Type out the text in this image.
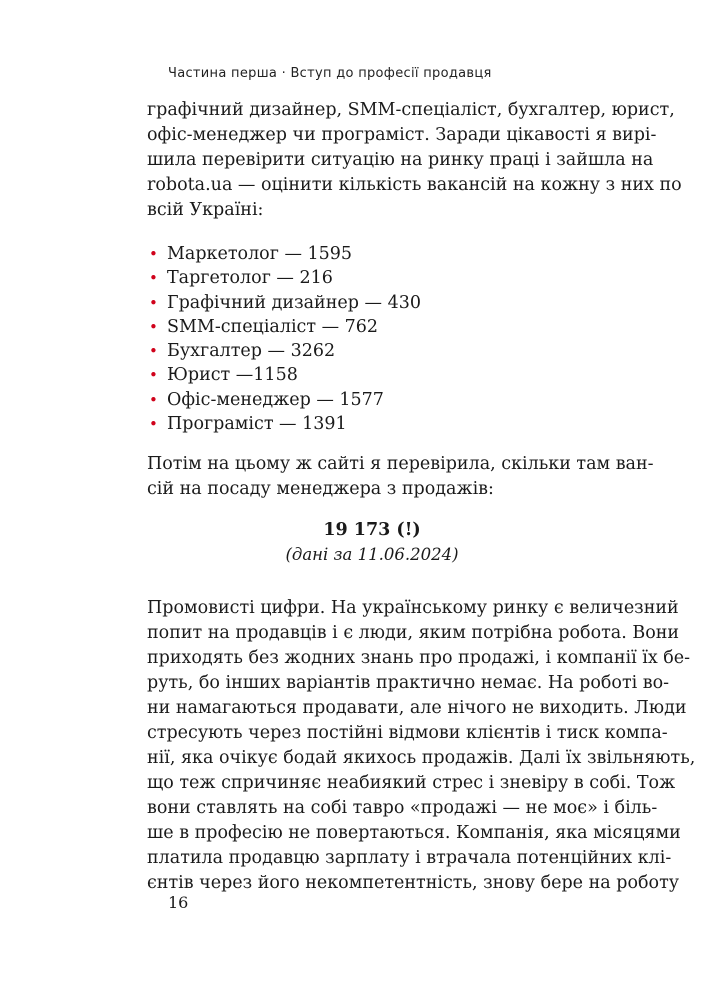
Частина перша · Вступ до професії продавця
графічний дизайнер, SMM-спеціаліст, бухгалтер, юрист,
офіс-менеджер чи програміст. Заради цікавості я вирі-
шила перевірити ситуацію на ринку праці і зайшла на
robota.ua — оцінити кількість вакансій на кожну з них по
всій Україні:
• Маркетолог — 1595
• Таргетолог — 216
• Графічний дизайнер — 430
• SMM-спеціаліст — 762
• Бухгалтер — 3262
• Юрист —1158
• Офіс-менеджер — 1577
• Програміст — 1391
Потім на цьому ж сайті я перевірила, скільки там ван-
сій на посаду менеджера з продажів:
19 173 (!)
(дані за 11.06.2024)
Промовисті цифри. На українському ринку є величезний
попит на продавців і є люди, яким потрібна робота. Вони
приходять без жодних знань про продажі, і компанії їх бе-
руть, бо інших варіантів практично немає. На роботі во-
ни намагаються продавати, але нічого не виходить. Люди
стресують через постійні відмови клієнтів і тиск компа-
нії, яка очікує бодай якихось продажів. Далі їх звільняють,
що теж спричиняє неабиякий стрес і зневіру в собі. Тож
вони ставлять на собі тавро «продажі — не моє» і біль-
ше в професію не повертаються. Компанія, яка місяцями
платила продавцю зарплату і втрачала потенційних клі-
єнтів через його некомпетентність, знову бере на роботу
16
